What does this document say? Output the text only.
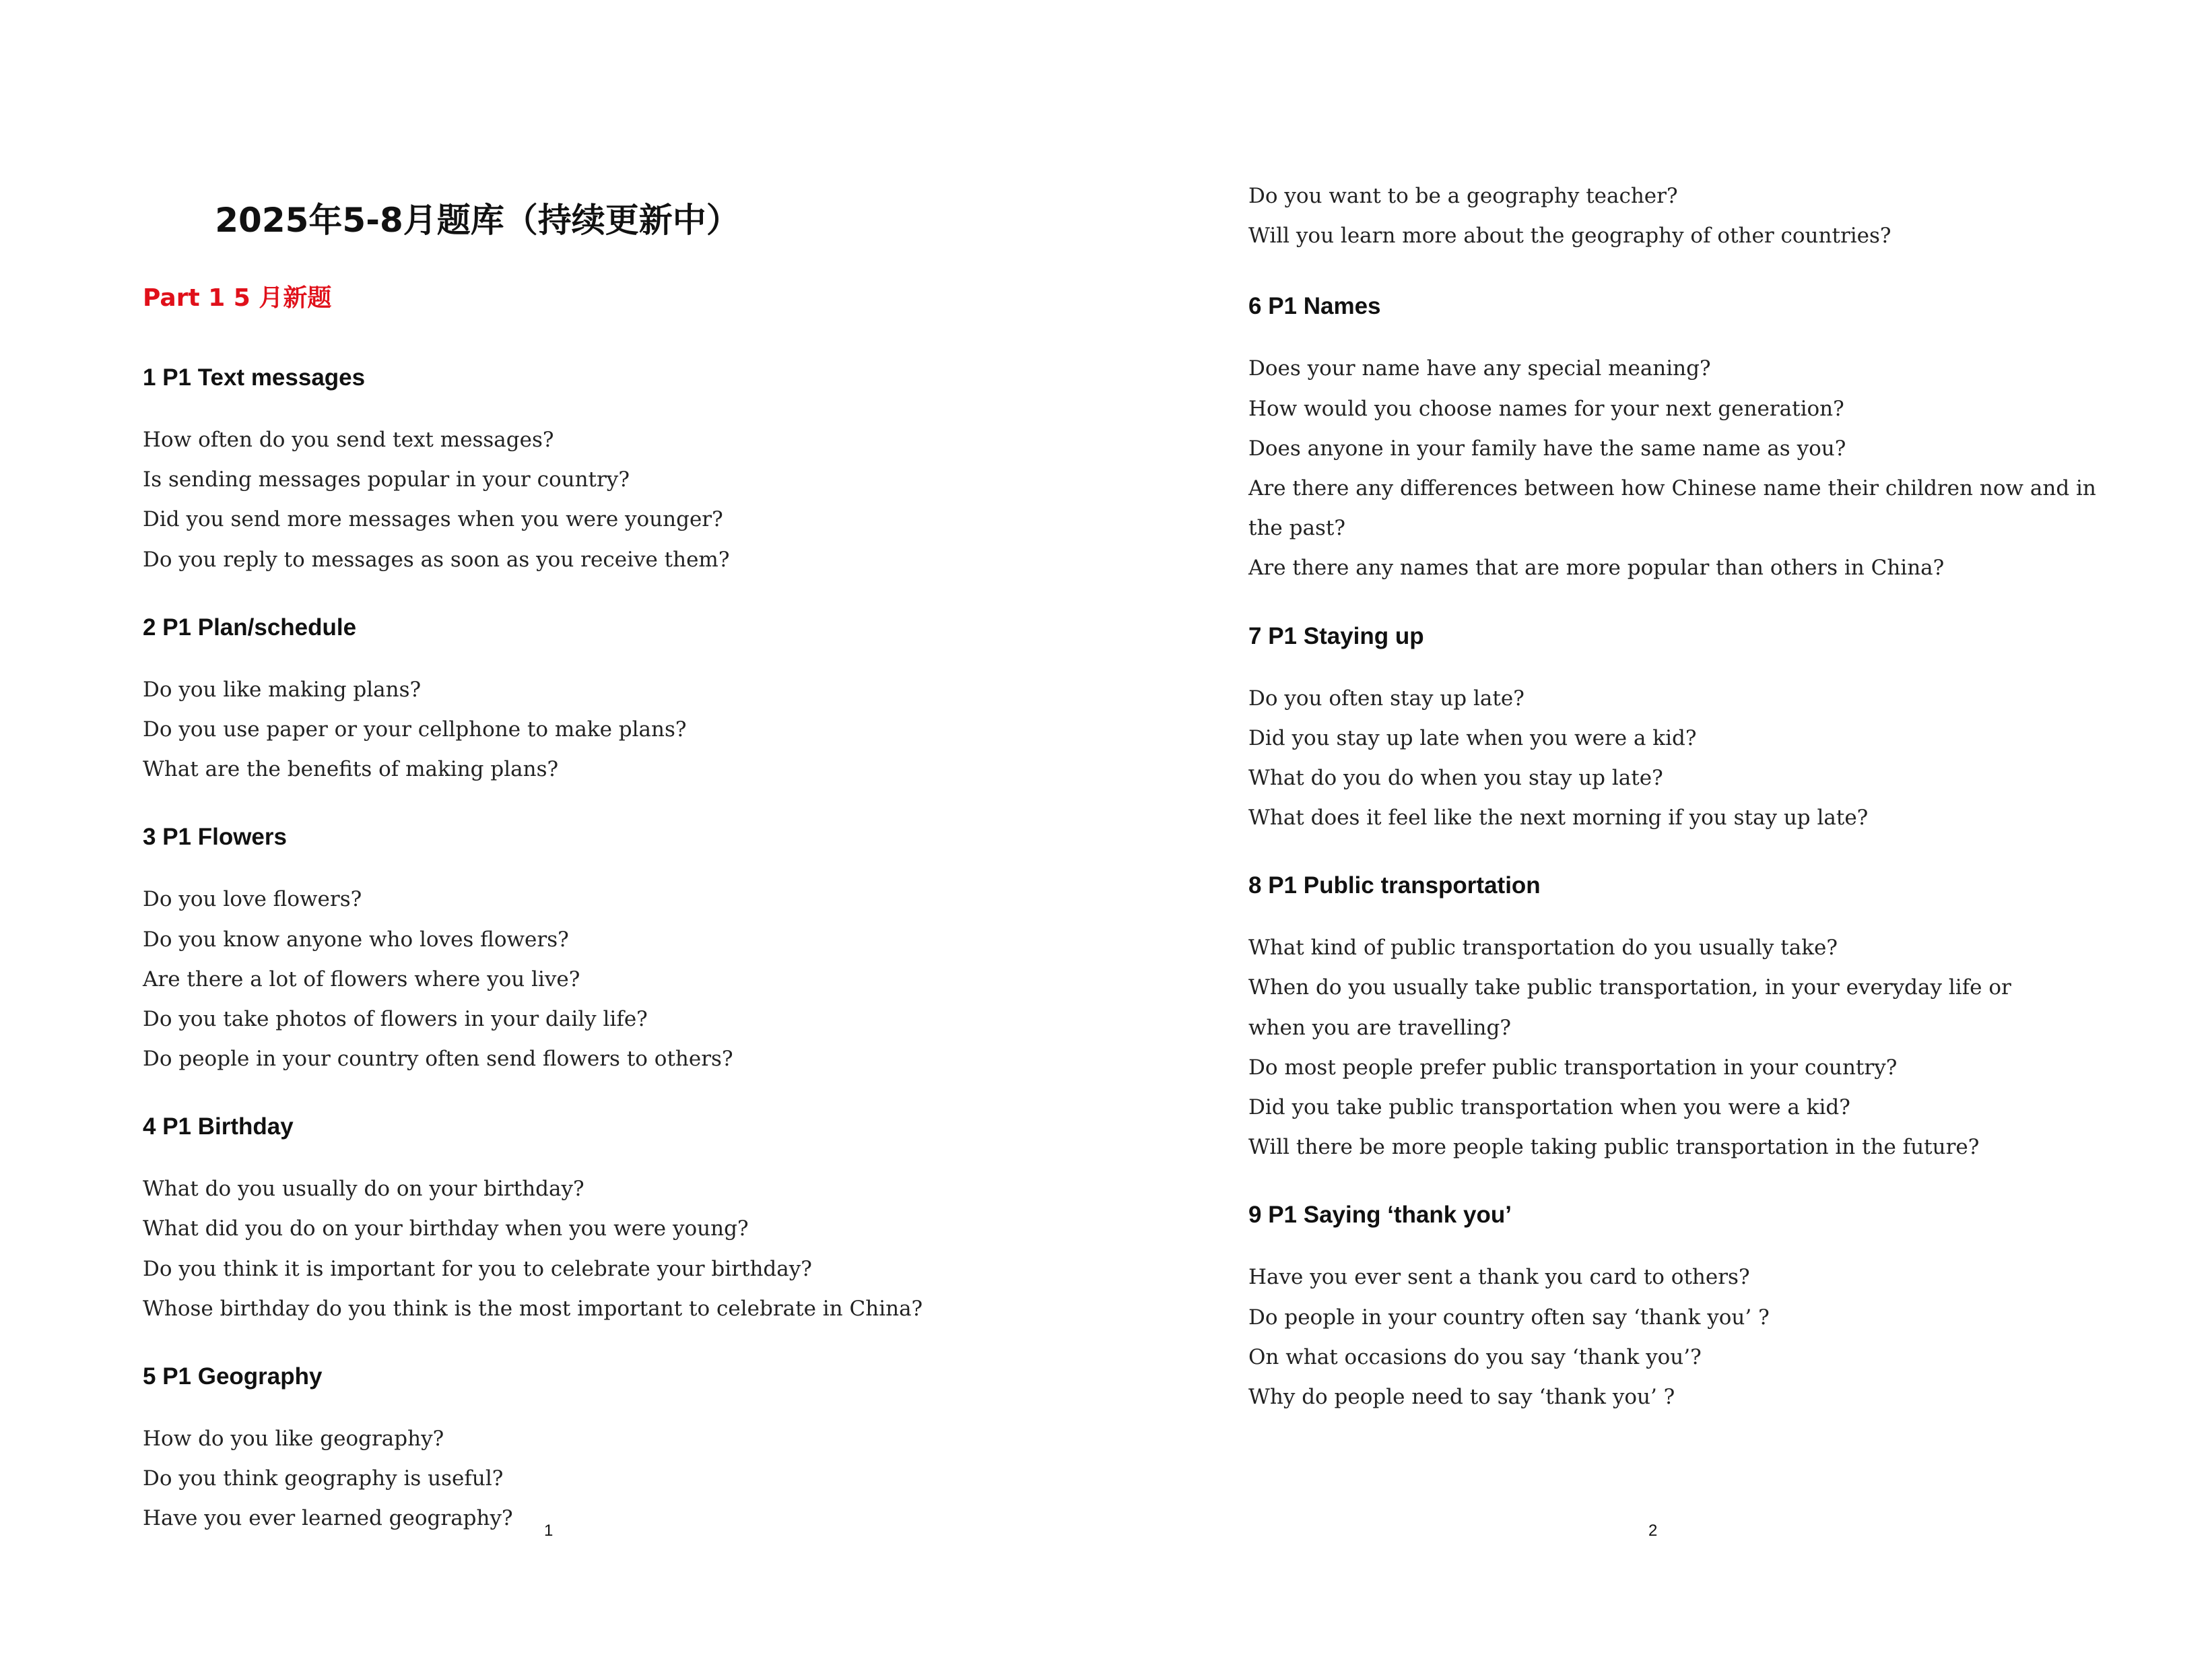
2025年5-8月题库（持续更新中）
Part 1 5 月新题
1 P1 Text messages
How often do you send text messages?
Is sending messages popular in your country?
Did you send more messages when you were younger?
Do you reply to messages as soon as you receive them?
2 P1 Plan/schedule
Do you like making plans?
Do you use paper or your cellphone to make plans?
What are the benefits of making plans?
3 P1 Flowers
Do you love flowers?
Do you know anyone who loves flowers?
Are there a lot of flowers where you live?
Do you take photos of flowers in your daily life?
Do people in your country often send flowers to others?
4 P1 Birthday
What do you usually do on your birthday?
What did you do on your birthday when you were young?
Do you think it is important for you to celebrate your birthday?
Whose birthday do you think is the most important to celebrate in China?
5 P1 Geography
How do you like geography?
Do you think geography is useful?
Have you ever learned geography?
1
Do you want to be a geography teacher?
Will you learn more about the geography of other countries?
6 P1 Names
Does your name have any special meaning?
How would you choose names for your next generation?
Does anyone in your family have the same name as you?
Are there any differences between how Chinese name their children now and in
the past?
Are there any names that are more popular than others in China?
7 P1 Staying up
Do you often stay up late?
Did you stay up late when you were a kid?
What do you do when you stay up late?
What does it feel like the next morning if you stay up late?
8 P1 Public transportation
What kind of public transportation do you usually take?
When do you usually take public transportation, in your everyday life or
when you are travelling?
Do most people prefer public transportation in your country?
Did you take public transportation when you were a kid?
Will there be more people taking public transportation in the future?
9 P1 Saying ‘thank you’
Have you ever sent a thank you card to others?
Do people in your country often say ‘thank you’ ?
On what occasions do you say ‘thank you’?
Why do people need to say ‘thank you’ ?
2
